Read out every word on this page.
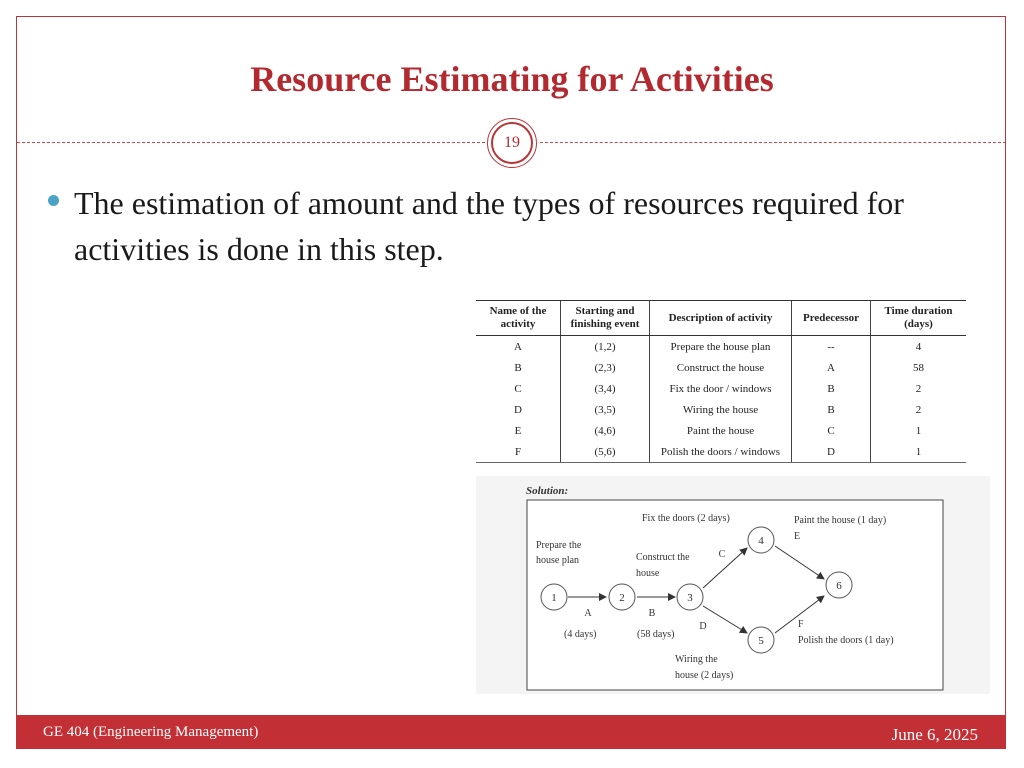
Resource Estimating for Activities
19

The estimation of amount and the types of resources required for activities is done in this step.

Name of the activity	Starting and finishing event	Description of activity	Predecessor	Time duration (days)
A	(1,2)	Prepare the house plan	--	4
B	(2,3)	Construct the house	A	58
C	(3,4)	Fix the door / windows	B	2
D	(3,5)	Wiring the house	B	2
E	(4,6)	Paint the house	C	1
F	(5,6)	Polish the doors / windows	D	1
Solution:
1	2	3
4
5
6
A	B
C
D
E
F
Prepare the
house plan	Construct the
house
Fix the doors (2 days)	Paint the house (1 day)
(4 days)	(58 days)
Wiring the
house (2 days)
Polish the doors (1 day)
GE 404 (Engineering Management)	June 6, 2025
